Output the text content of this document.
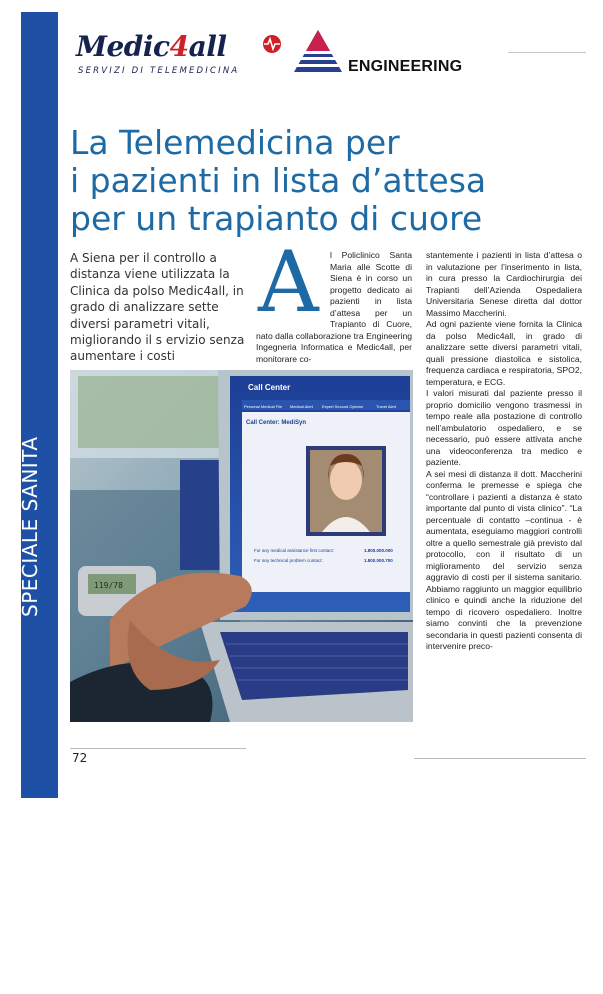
SPECIALE SANITA
Medic4all
SERVIZI DI TELEMEDICINA	ENGINEERING
La Telemedicina per
i pazienti in lista d’attesa
per un trapianto di cuore

A Siena per il controllo a distanza viene utilizzata la Clinica da polso Medic4all, in grado di analizzare sette diversi parametri vitali, migliorando il s ervizio senza aumentare i costi

A	l Policlinico Santa Maria alle Scotte di Siena è in corso un progetto dedicato ai pazienti in lista d’attesa per un Trapianto di Cuore, nato dalla collaborazione tra Engineering Ingegneria Informatica e Medic4all, per monitorare co-
stantemente i pazienti in lista d’attesa o in valutazione per l’inserimento in lista, in cura presso la Cardiochirurgia dei Trapianti dell’Azienda Ospedaliera Universitaria Senese diretta dal dottor Massimo Maccherini.
Ad ogni paziente viene fornita la Clinica da polso Medic4all, in grado di analizzare sette diversi parametri vitali, quali pressione diastolica e sistolica, frequenza cardiaca e respiratoria, SPO2, temperatura, e ECG.
I valori misurati dal paziente presso il proprio domicilio vengono trasmessi in tempo reale alla postazione di controllo nell’ambulatorio ospedaliero, e se necessario, può essere attivata anche una videoconferenza tra medico e paziente.
A sei mesi di distanza il dott. Maccherini conferma le premesse e spiega che “controllare i pazienti a distanza è stato importante dal punto di vista clinico”. “La percentuale di contatto –continua - è aumentata, eseguiamo maggiori controlli oltre a quello semestrale già previsto dal protocollo, con il risultato di un miglioramento del servizio senza aggravio di costi per il sistema sanitario. Abbiamo raggiunto un maggior equilibrio clinico e quindi anche la riduzione del tempo di ricovero ospedaliero. Inoltre siamo convinti che la prevenzione secondaria in questi pazienti consenta di intervenire preco-
Call Center
Personal Medical File Medical Alert Expert Second Opinion	Travel Alert
Call Center: MediSyn
For any medical assistance first contact:	1.800.000.000
For any technical problem contact:	1.800.000.700
119/78
72
